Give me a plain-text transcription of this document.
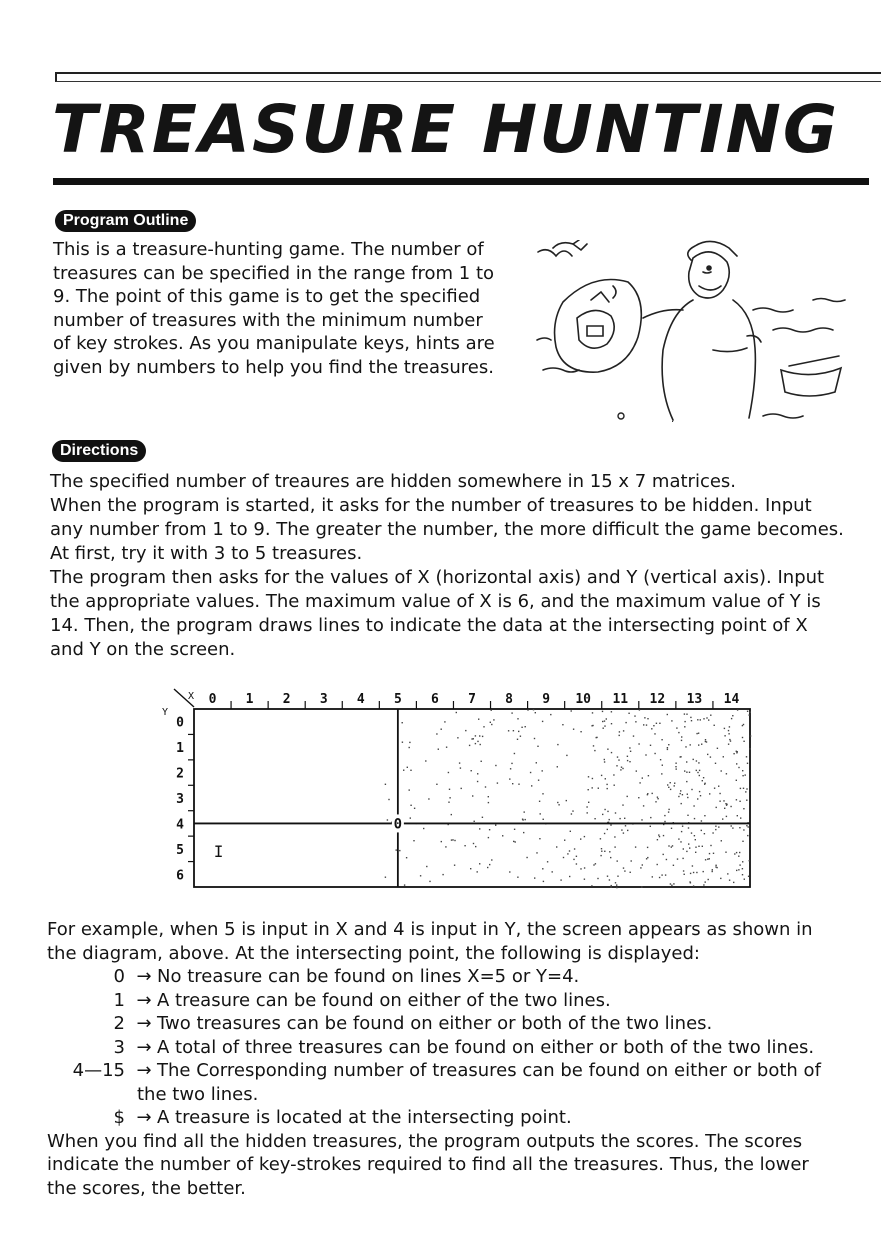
TREASURE HUNTING
Program Outline
This is a treasure-hunting game. The number of
treasures can be specified in the range from 1 to
9. The point of this game is to get the specified
number of treasures with the minimum number
of key strokes. As you manipulate keys, hints are
given by numbers to help you find the treasures.
.
Directions
The specified number of treaures are hidden somewhere in 15 x 7 matrices.
When the program is started, it asks for the number of treasures to be hidden. Input
any number from 1 to 9. The greater the number, the more difficult the game becomes.
At first, try it with 3 to 5 treasures.
The program then asks for the values of X (horizontal axis) and Y (vertical axis). Input
the appropriate values. The maximum value of X is 6, and the maximum value of Y is
14. Then, the program draws lines to indicate the data at the intersecting point of X
and Y on the screen.
X
Y
0 1 2 3 4 5 6 7 8 9 10 11 12 13 14
0
1
2
3
4
5
6
0
I
For example, when 5 is input in X and 4 is input in Y, the screen appears as shown in
the diagram, above. At the intersecting point, the following is displayed:
0 → No treasure can be found on lines X=5 or Y=4.
1 → A treasure can be found on either of the two lines.
2 → Two treasures can be found on either or both of the two lines.
3 → A total of three treasures can be found on either or both of the two lines.
4—15 → The Corresponding number of treasures can be found on either or both of
the two lines.
$ → A treasure is located at the intersecting point.
When you find all the hidden treasures, the program outputs the scores. The scores
indicate the number of key-strokes required to find all the treasures. Thus, the lower
the scores, the better.
